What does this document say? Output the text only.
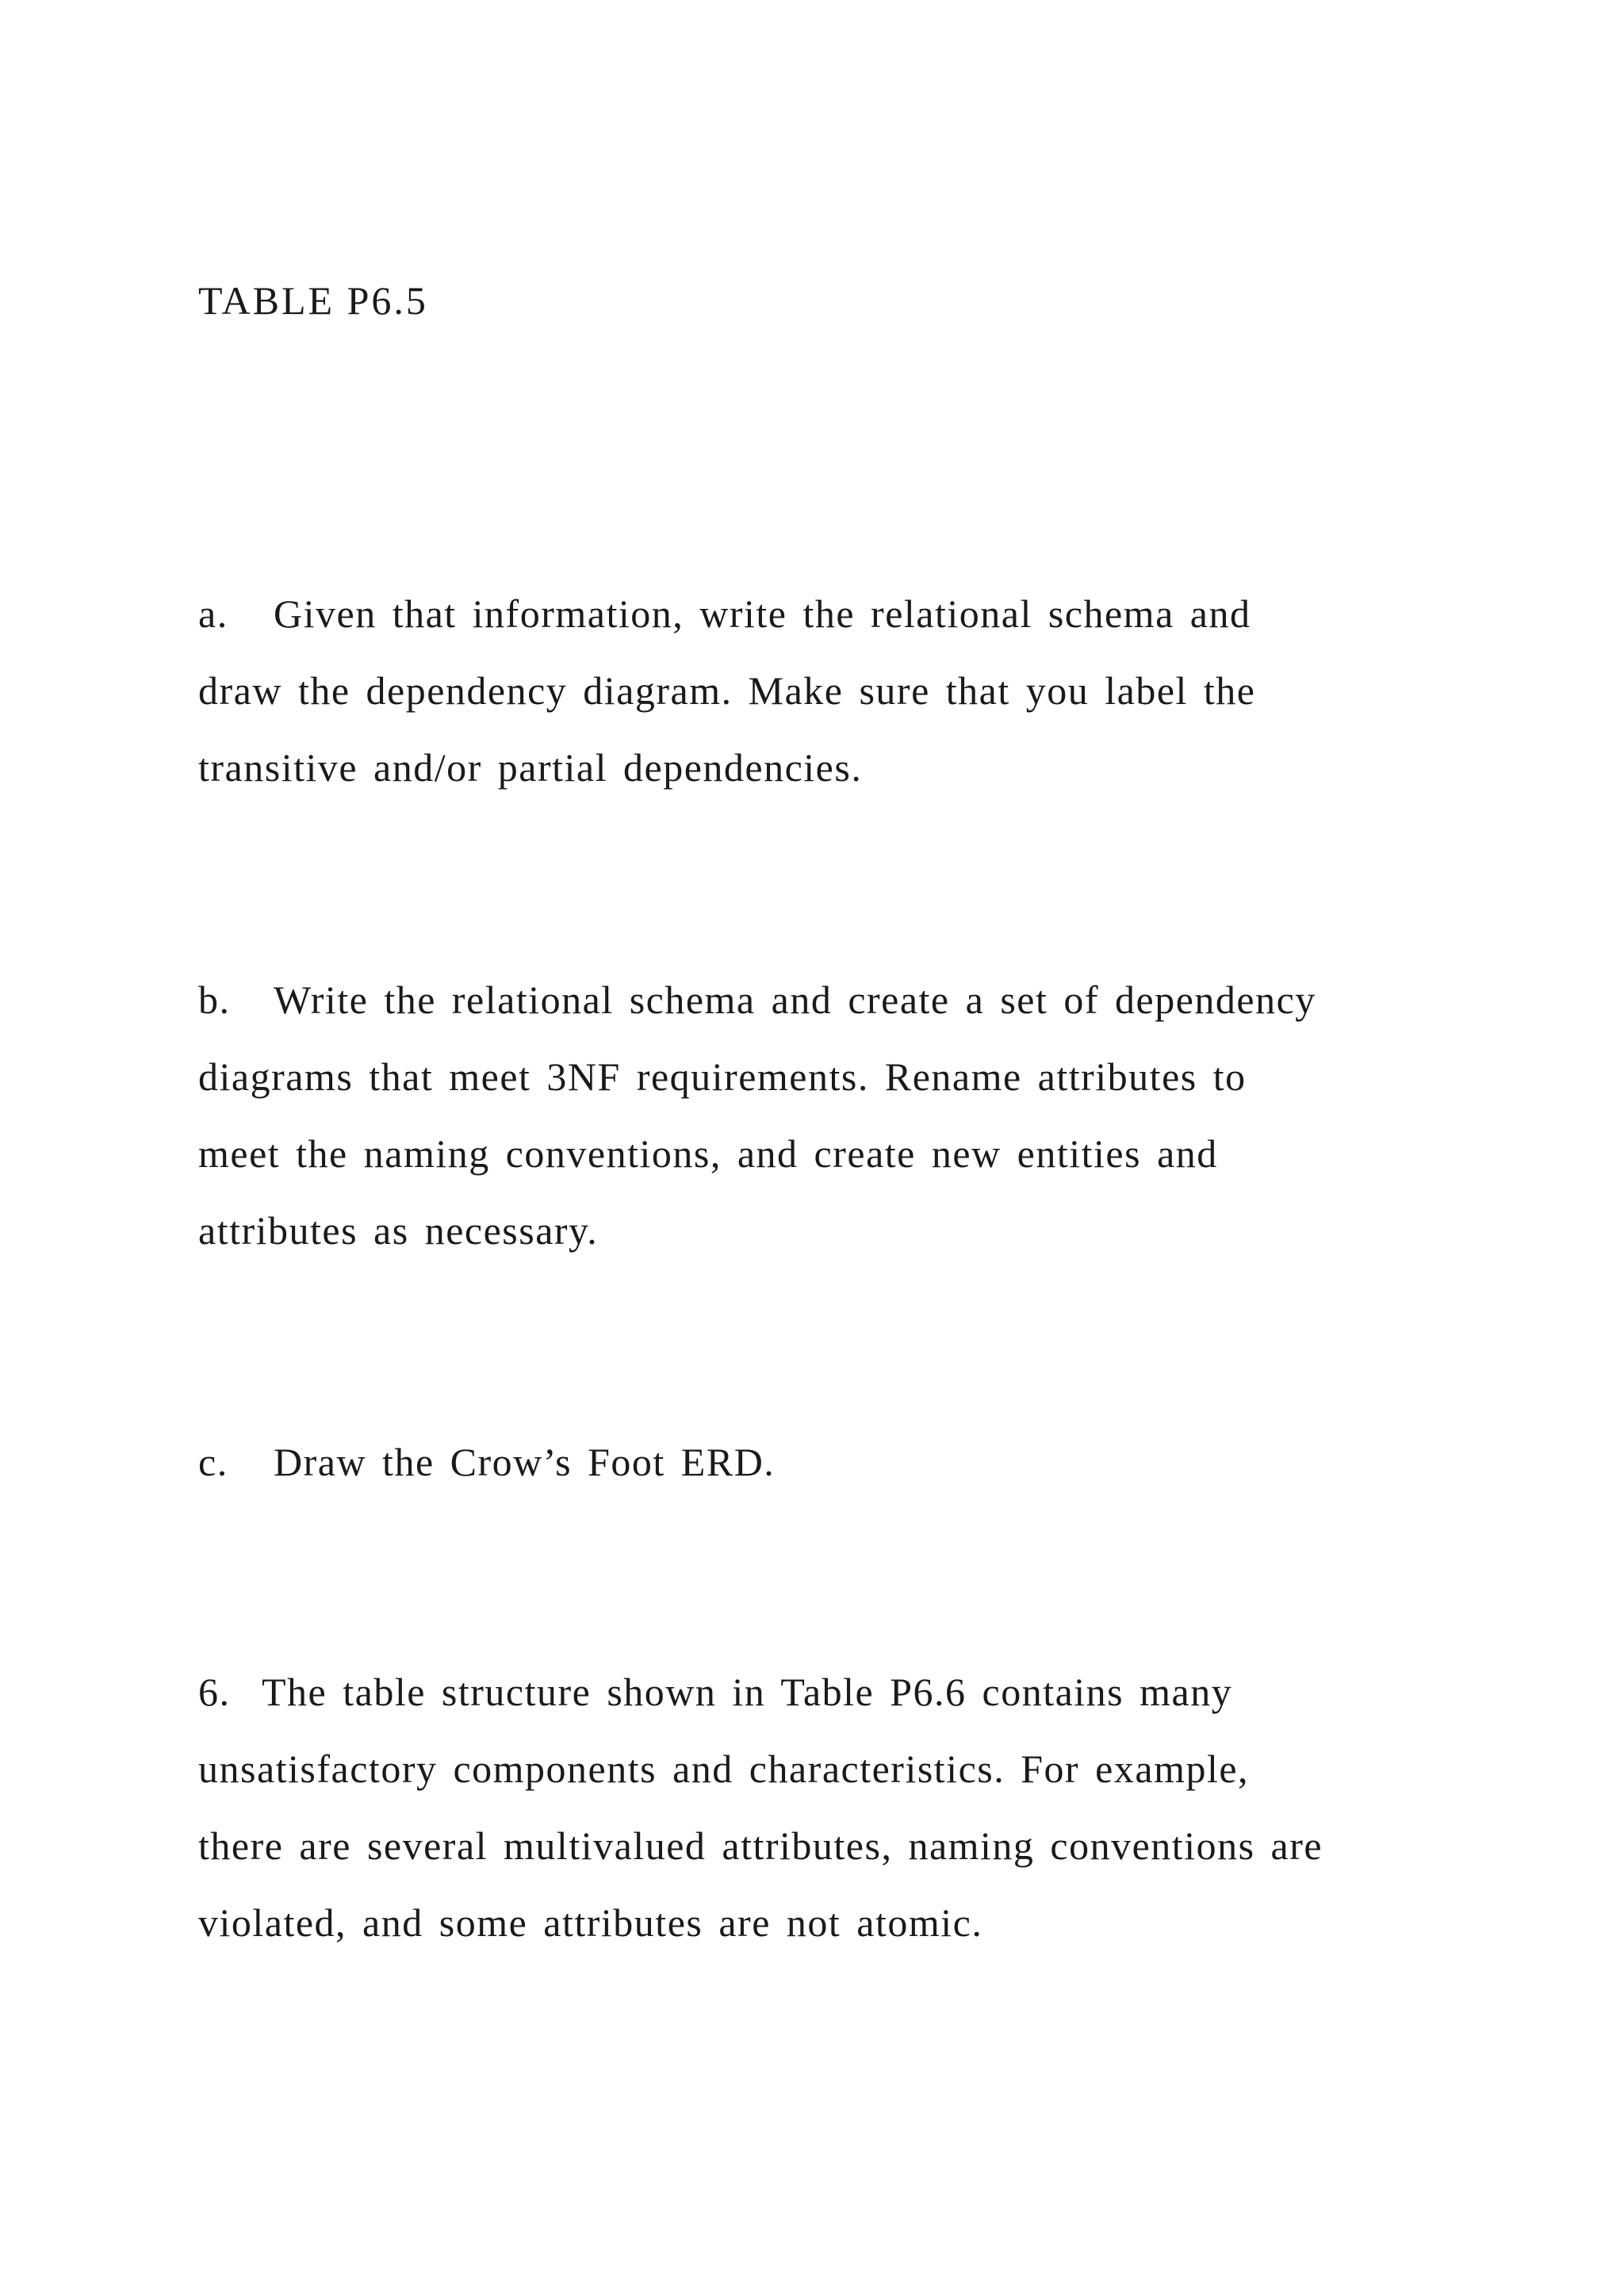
TABLE P6.5
a. Given that information, write the relational schema and
draw the dependency diagram. Make sure that you label the
transitive and/or partial dependencies.
b. Write the relational schema and create a set of dependency
diagrams that meet 3NF requirements. Rename attributes to
meet the naming conventions, and create new entities and
attributes as necessary.
c. Draw the Crow’s Foot ERD.
6. The table structure shown in Table P6.6 contains many
unsatisfactory components and characteristics. For example,
there are several multivalued attributes, naming conventions are
violated, and some attributes are not atomic.
